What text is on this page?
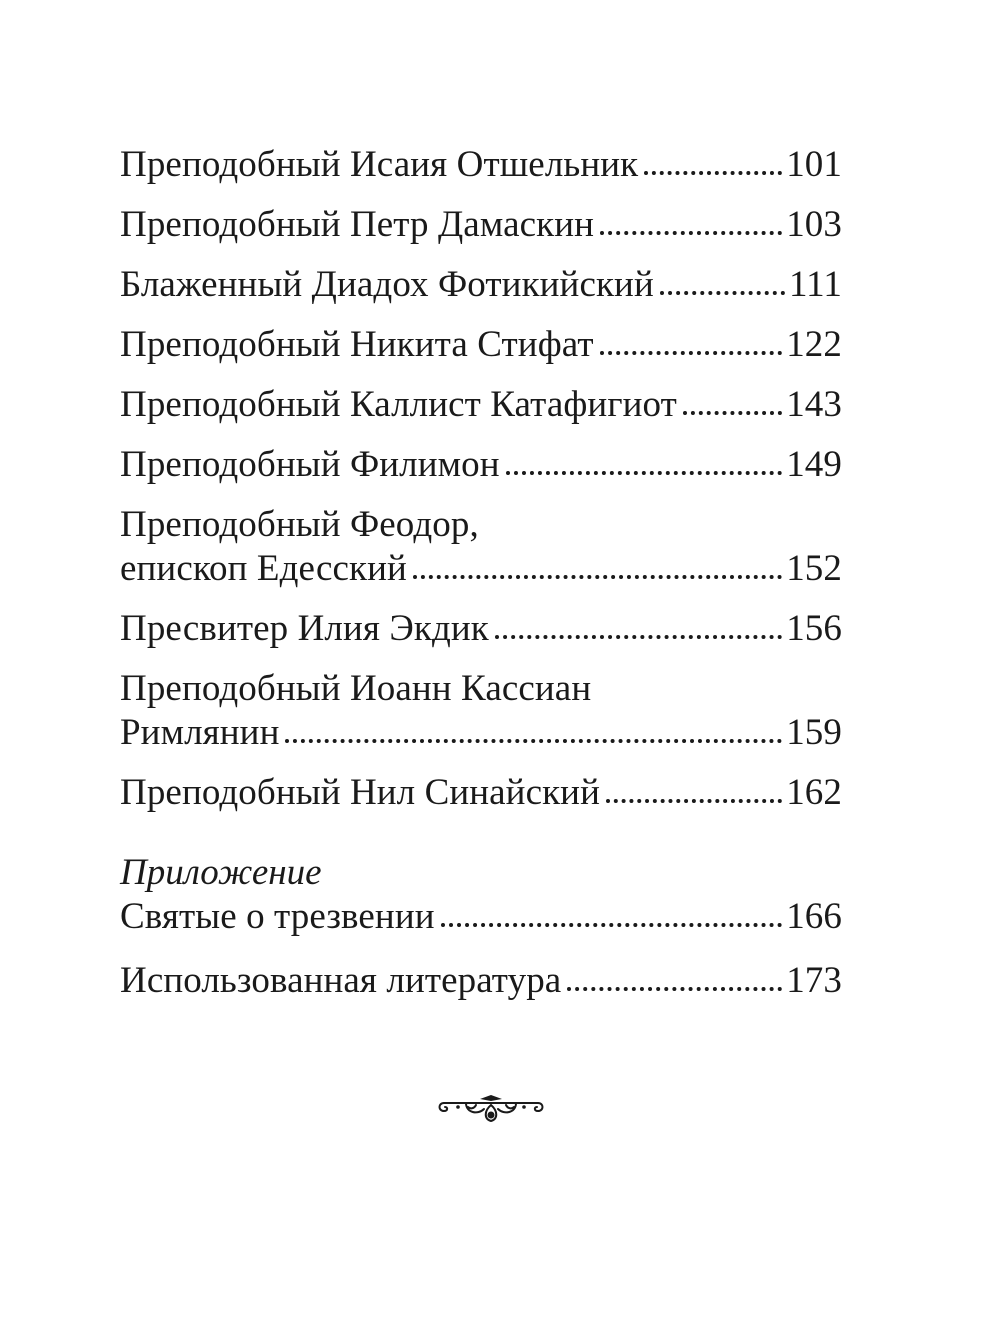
Преподобный Исаия Отшельник	101
Преподобный Петр Дамаскин	103
Блаженный Диадох Фотикийский	111
Преподобный Никита Стифат	122
Преподобный Каллист Катафигиот	143
Преподобный Филимон	149
Преподобный Феодор,
епископ Едесский	152
Пресвитер Илия Экдик	156
Преподобный Иоанн Кассиан
Римлянин	159
Преподобный Нил Синайский	162
Приложение
Святые о трезвении	166
Использованная литература	173
